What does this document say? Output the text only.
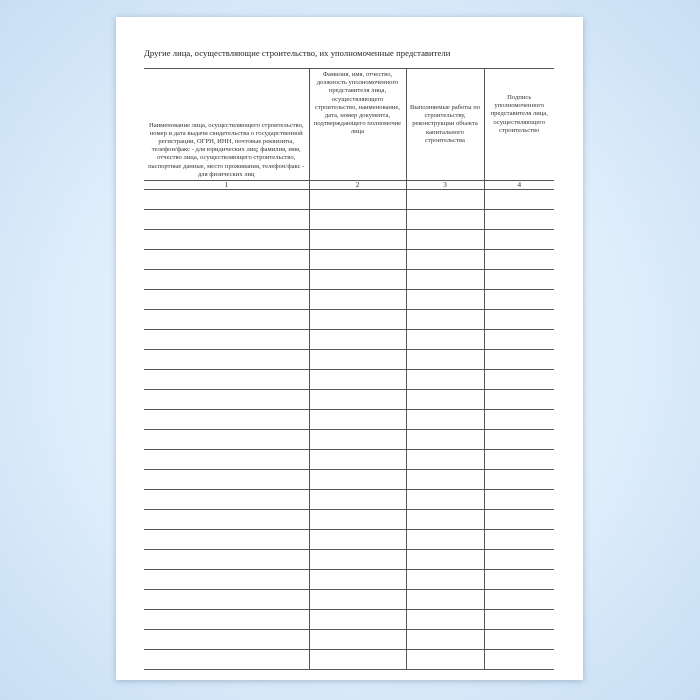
Другие лица, осуществляющие строительство, их уполномоченные представители
Наименование лица, осуществляющего строительство, номер и дата выдачи свидетельства о государственной регистрации, ОГРН, ИНН, почтовые реквизиты, телефон/факс - для юридических лиц; фамилия, имя, отчество лица, осуществляющего строительство, паспортные данные, место проживания, телефон/факс - для физических лиц	Фамилия, имя, отчество, должность уполномоченного представителя лица, осуществляющего строительство, наименование, дата, номер документа, подтверждающего полномочие лица	Выполняемые работы по строительству, реконструкции объекта капитального строительства	Подпись уполномоченного представителя лица, осуществляющего строительство
1	2	3	4
